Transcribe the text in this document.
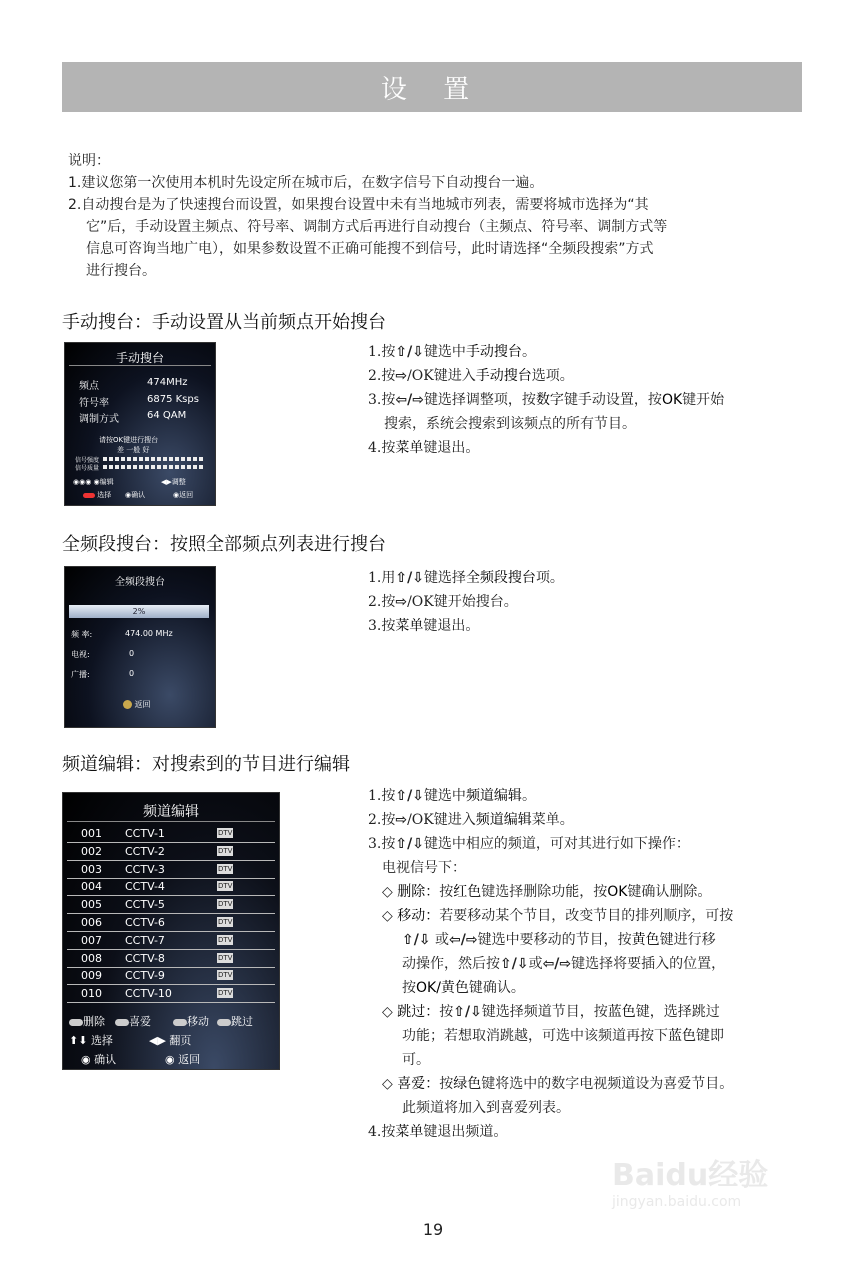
设 置
说明：
1.建议您第一次使用本机时先设定所在城市后，在数字信号下自动搜台一遍。
2.自动搜台是为了快速搜台而设置，如果搜台设置中未有当地城市列表，需要将城市选择为“其
它”后，手动设置主频点、符号率、调制方式后再进行自动搜台（主频点、符号率、调制方式等
信息可咨询当地广电），如果参数设置不正确可能搜不到信号，此时请选择“全频段搜索”方式
进行搜台。
手动搜台：手动设置从当前频点开始搜台
手动搜台
频点	474MHz
符号率	6875 Ksps
调制方式	64 QAM
请按OK键进行搜台
差 一般 好
信号强度
信号质量
◉◉◉ ◉编辑	◀▶调整
选择 ◉确认	◉返回
1.按⇧/⇩键选中手动搜台。
2.按⇨/OK键进入手动搜台选项。
3.按⇦/⇨键选择调整项，按数字键手动设置，按OK键开始
搜索，系统会搜索到该频点的所有节目。
4.按菜单键退出。
全频段搜台：按照全部频点列表进行搜台
全频段搜台
2%
频 率:	474.00 MHz
电视:	0
广播:	0
返回
1.用⇧/⇩键选择全频段搜台项。
2.按⇨/OK键开始搜台。
3.按菜单键退出。
频道编辑：对搜索到的节目进行编辑
频道编辑
001 CCTV-1	DTV
002 CCTV-2	DTV
003 CCTV-3	DTV
004 CCTV-4	DTV
005 CCTV-5	DTV
006 CCTV-6	DTV
007 CCTV-7	DTV
008 CCTV-8	DTV
009 CCTV-9	DTV
010 CCTV-10	DTV
删除	喜爱	移动	跳过
⬆⬇ 选择	◀▶ 翻页
◉ 确认	◉ 返回
1.按⇧/⇩键选中频道编辑。
2.按⇨/OK键进入频道编辑菜单。
3.按⇧/⇩键选中相应的频道，可对其进行如下操作：
电视信号下：
◇ 删除：按红色键选择删除功能，按OK键确认删除。
◇ 移动：若要移动某个节目，改变节目的排列顺序，可按
⇧/⇩ 或⇦/⇨键选中要移动的节目，按黄色键进行移
动操作，然后按⇧/⇩或⇦/⇨键选择将要插入的位置，
按OK/黄色键确认。
◇ 跳过：按⇧/⇩键选择频道节目，按蓝色键，选择跳过
功能；若想取消跳越，可选中该频道再按下蓝色键即
可。
◇ 喜爱：按绿色键将选中的数字电视频道设为喜爱节目。
此频道将加入到喜爱列表。
4.按菜单键退出频道。
Baidu经验
jingyan.baidu.com
19
